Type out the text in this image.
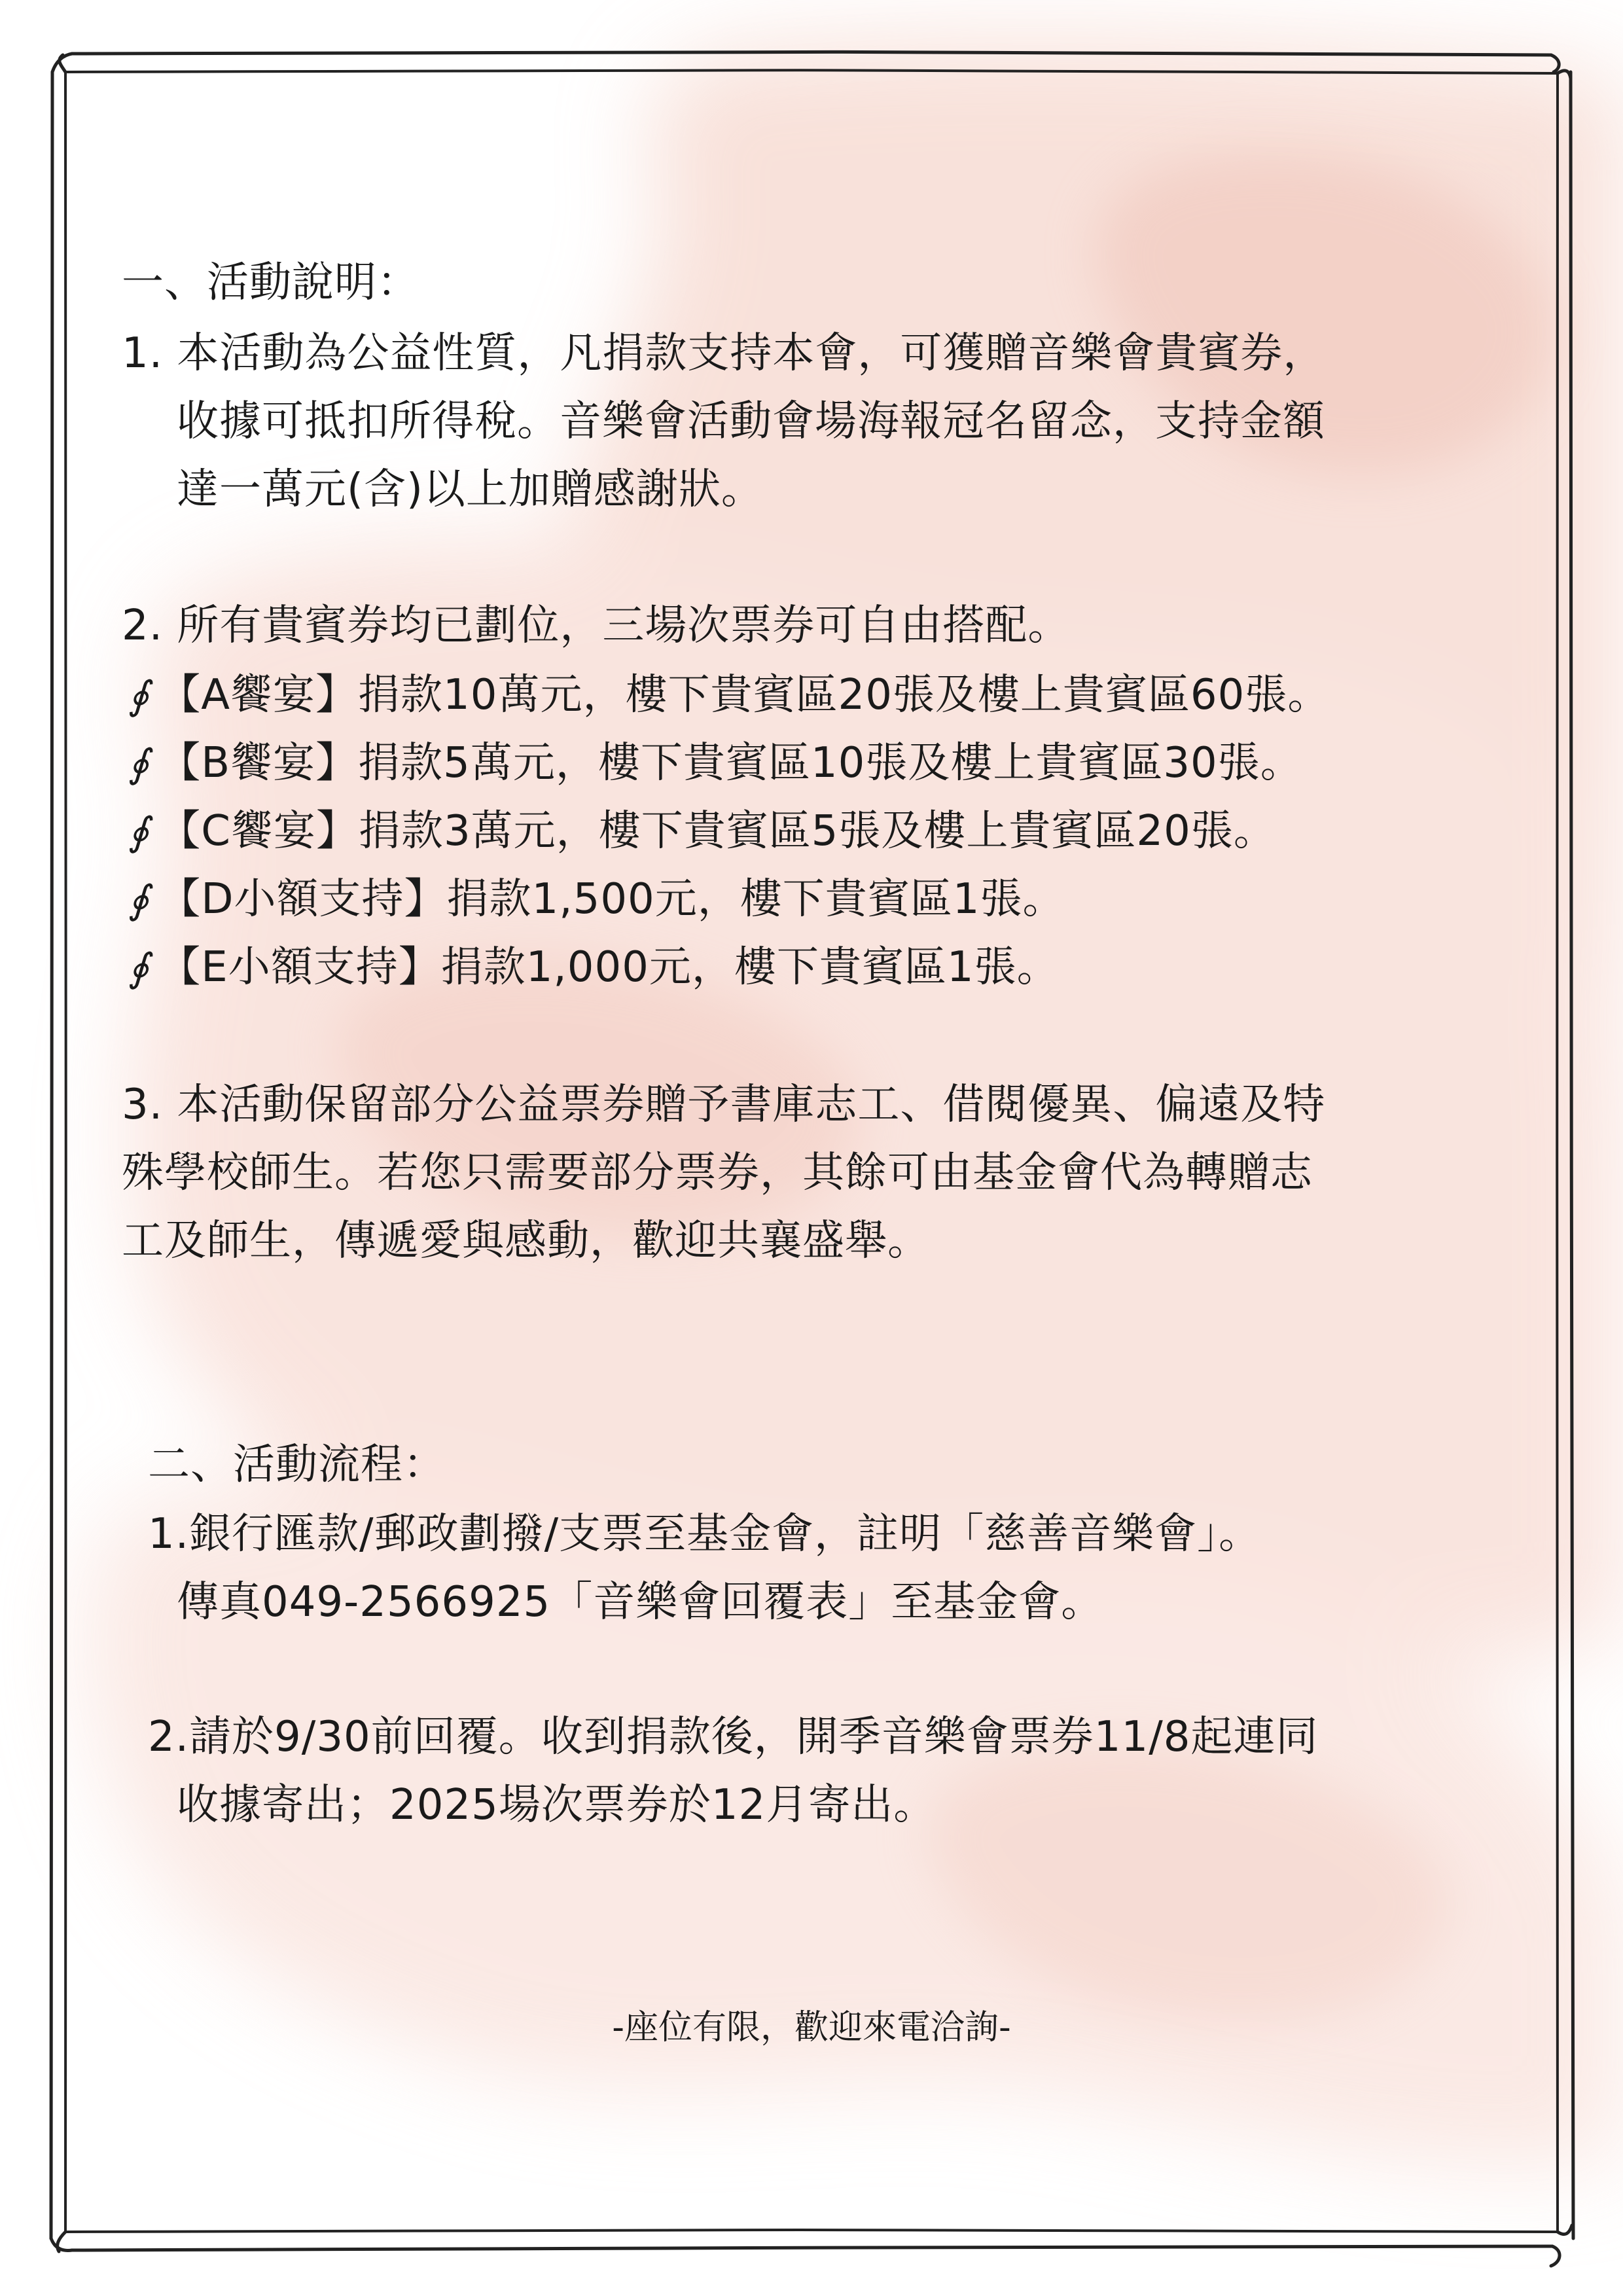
一、活動說明：
1. 本活動為公益性質，凡捐款支持本會，可獲贈音樂會貴賓券，
收據可抵扣所得稅。音樂會活動會場海報冠名留念，支持金額
達一萬元(含)以上加贈感謝狀。
2. 所有貴賓券均已劃位，三場次票券可自由搭配。
∮ 【A饗宴】捐款10萬元，樓下貴賓區20張及樓上貴賓區60張。
∮ 【B饗宴】捐款5萬元，樓下貴賓區10張及樓上貴賓區30張。
∮ 【C饗宴】捐款3萬元，樓下貴賓區5張及樓上貴賓區20張。
∮ 【D小額支持】捐款1,500元，樓下貴賓區1張。
∮ 【E小額支持】捐款1,000元，樓下貴賓區1張。
3. 本活動保留部分公益票券贈予書庫志工、借閱優異、偏遠及特
殊學校師生。若您只需要部分票券，其餘可由基金會代為轉贈志
工及師生，傳遞愛與感動，歡迎共襄盛舉。
二、活動流程：
1.銀行匯款/郵政劃撥/支票至基金會，註明「慈善音樂會」。
傳真049-2566925「音樂會回覆表」至基金會。
2.請於9/30前回覆。收到捐款後，開季音樂會票券11/8起連同
收據寄出；2025場次票券於12月寄出。
-座位有限，歡迎來電洽詢-
